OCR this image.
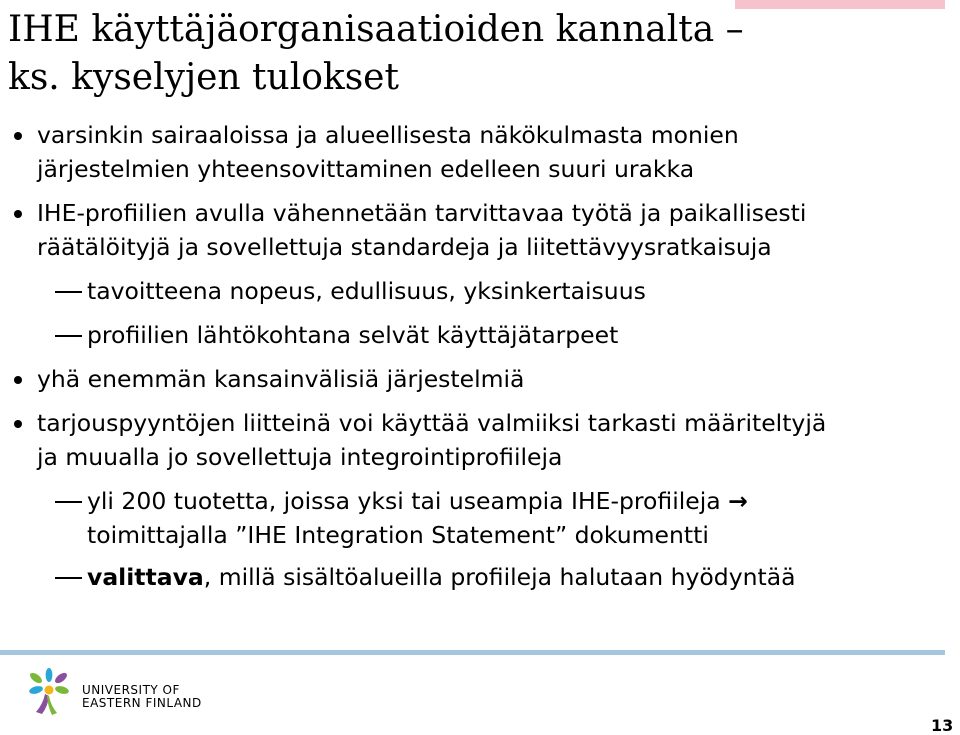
IHE käyttäjäorganisaatioiden kannalta –
ks. kyselyjen tulokset
varsinkin sairaaloissa ja alueellisesta näkökulmasta monien
järjestelmien yhteensovittaminen edelleen suuri urakka
IHE-profiilien avulla vähennetään tarvittavaa työtä ja paikallisesti
räätälöityjä ja sovellettuja standardeja ja liitettävyysratkaisuja
tavoitteena nopeus, edullisuus, yksinkertaisuus
profiilien lähtökohtana selvät käyttäjätarpeet
yhä enemmän kansainvälisiä järjestelmiä
tarjouspyyntöjen liitteinä voi käyttää valmiiksi tarkasti määriteltyjä
ja muualla jo sovellettuja integrointiprofiileja
yli 200 tuotetta, joissa yksi tai useampia IHE-profiileja →
toimittajalla ”IHE Integration Statement” dokumentti
valittava, millä sisältöalueilla profiileja halutaan hyödyntää
UNIVERSITY OF
EASTERN FINLAND
13
